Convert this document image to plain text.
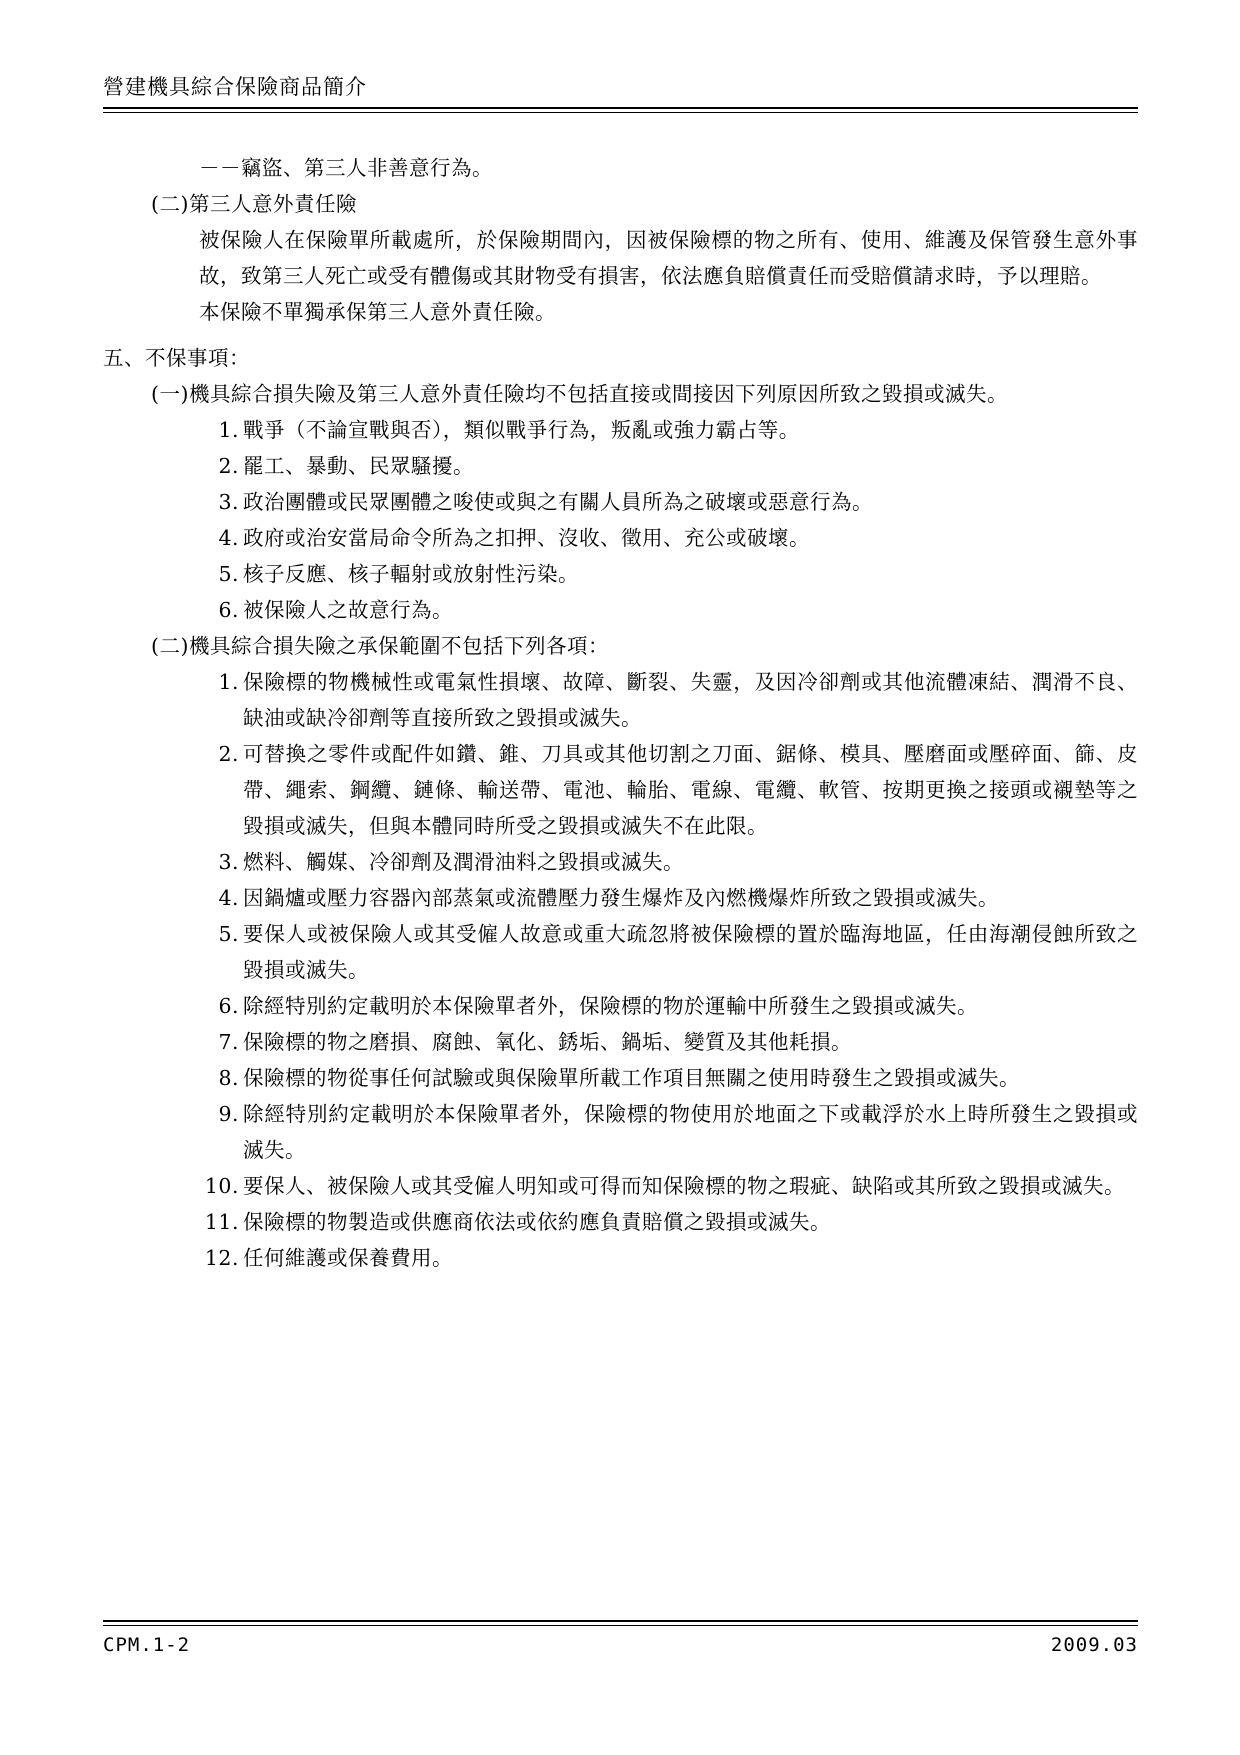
營建機具綜合保險商品簡介
－－竊盜、第三人非善意行為。
(二) 第三人意外責任險
被保險人在保險單所載處所，於保險期間內，因被保險標的物之所有、使用、維護及保管發生意外事故，致第三人死亡或受有體傷或其財物受有損害，依法應負賠償責任而受賠償請求時，予以理賠。
本保險不單獨承保第三人意外責任險。
五、 不保事項：
(一) 機具綜合損失險及第三人意外責任險均不包括直接或間接因下列原因所致之毀損或滅失。
1. 戰爭（不論宣戰與否），類似戰爭行為，叛亂或強力霸占等。
2. 罷工、暴動、民眾騷擾。
3. 政治團體或民眾團體之唆使或與之有關人員所為之破壞或惡意行為。
4. 政府或治安當局命令所為之扣押、沒收、徵用、充公或破壞。
5. 核子反應、核子輻射或放射性污染。
6. 被保險人之故意行為。
(二) 機具綜合損失險之承保範圍不包括下列各項：
1. 保險標的物機械性或電氣性損壞、故障、斷裂、失靈，及因冷卻劑或其他流體凍結、潤滑不良、缺油或缺冷卻劑等直接所致之毀損或滅失。
2. 可替換之零件或配件如鑽、錐、刀具或其他切割之刀面、鋸條、模具、壓磨面或壓碎面、篩、皮帶、繩索、鋼纜、鏈條、輸送帶、電池、輪胎、電線、電纜、軟管、按期更換之接頭或襯墊等之毀損或滅失，但與本體同時所受之毀損或滅失不在此限。
3. 燃料、觸媒、冷卻劑及潤滑油料之毀損或滅失。
4. 因鍋爐或壓力容器內部蒸氣或流體壓力發生爆炸及內燃機爆炸所致之毀損或滅失。
5. 要保人或被保險人或其受僱人故意或重大疏忽將被保險標的置於臨海地區，任由海潮侵蝕所致之毀損或滅失。
6. 除經特別約定載明於本保險單者外，保險標的物於運輸中所發生之毀損或滅失。
7. 保險標的物之磨損、腐蝕、氧化、銹垢、鍋垢、變質及其他耗損。
8. 保險標的物從事任何試驗或與保險單所載工作項目無關之使用時發生之毀損或滅失。
9. 除經特別約定載明於本保險單者外，保險標的物使用於地面之下或載浮於水上時所發生之毀損或滅失。
10. 要保人、被保險人或其受僱人明知或可得而知保險標的物之瑕疵、缺陷或其所致之毀損或滅失。
11. 保險標的物製造或供應商依法或依約應負責賠償之毀損或滅失。
12. 任何維護或保養費用。
CPM.1-2	2009.03
